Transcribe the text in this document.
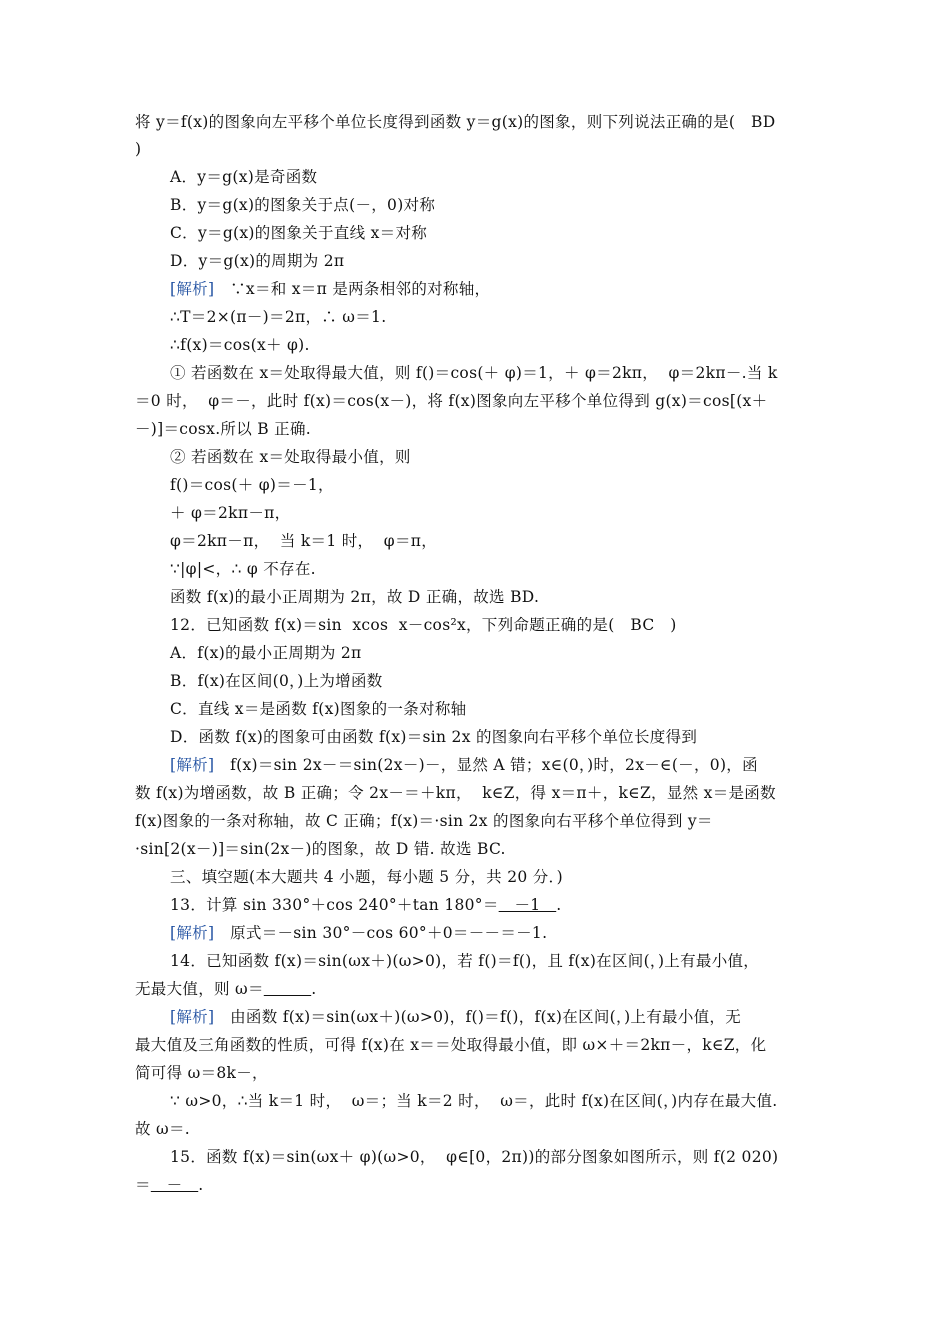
将 y＝f(x)的图象向左平移个单位长度得到函数 y＝g(x)的图象，则下列说法正确的是(　BD
)
A．y＝g(x)是奇函数
B．y＝g(x)的图象关于点(－，0)对称
C．y＝g(x)的图象关于直线 x＝对称
D．y＝g(x)的周期为 2π
[解析]　∵x＝和 x＝π 是两条相邻的对称轴，
∴T＝2×(π－)＝2π，∴ ω＝1.
∴f(x)＝cos(x＋ φ).
① 若函数在 x＝处取得最大值，则 f()＝cos(＋ φ)＝1，＋ φ＝2kπ，  φ＝2kπ－.当 k
＝0 时，  φ＝－，此时 f(x)＝cos(x－)，将 f(x)图象向左平移个单位得到 g(x)＝cos[(x＋
－)]＝cosx.所以 B 正确.
② 若函数在 x＝处取得最小值，则
f()＝cos(＋ φ)＝－1，
＋ φ＝2kπ－π，
φ＝2kπ－π，  当 k＝1 时，  φ＝π，
∵|φ|<，∴ φ 不存在.
函数 f(x)的最小正周期为 2π，故 D 正确，故选 BD.
12．已知函数 f(x)＝sin  xcos  x－cos²x，下列命题正确的是(　BC　)
A．f(x)的最小正周期为 2π
B．f(x)在区间(0，)上为增函数
C．直线 x＝是函数 f(x)图象的一条对称轴
D．函数 f(x)的图象可由函数 f(x)＝sin 2x 的图象向右平移个单位长度得到
[解析]　f(x)＝sin 2x－＝sin(2x－)－，显然 A 错；x∈(0，)时，2x－∈(－，0)，函
数 f(x)为增函数，故 B 正确；令 2x－＝＋kπ，  k∈Z，得 x＝π＋，k∈Z，显然 x＝是函数
f(x)图象的一条对称轴，故 C 正确；f(x)＝·sin 2x 的图象向右平移个单位得到 y＝
·sin[2(x－)]＝sin(2x－)的图象，故 D 错. 故选 BC.
三、填空题(本大题共 4 小题，每小题 5 分，共 20 分．)
13．计算 sin 330°＋cos 240°＋tan 180°＝　－1　.
[解析]　原式＝－sin 30°－cos 60°＋0＝－－＝－1.
14．已知函数 f(x)＝sin(ωx＋)(ω>0)，若 f()＝f()，且 f(x)在区间(，)上有最小值，
无最大值，则 ω＝　　　	.
[解析]　由函数 f(x)＝sin(ωx＋)(ω>0)，f()＝f()，f(x)在区间(，)上有最小值，无
最大值及三角函数的性质，可得 f(x)在 x＝＝处取得最小值，即 ω×＋＝2kπ－，k∈Z，化
简可得 ω＝8k－，
∵ ω>0，∴当 k＝1 时，  ω＝；当 k＝2 时，  ω＝，此时 f(x)在区间(，)内存在最大值.
故 ω＝.
15．函数 f(x)＝sin(ωx＋ φ)(ω>0，  φ∈[0，2π))的部分图象如图所示，则 f(2 020)
＝　－　.
